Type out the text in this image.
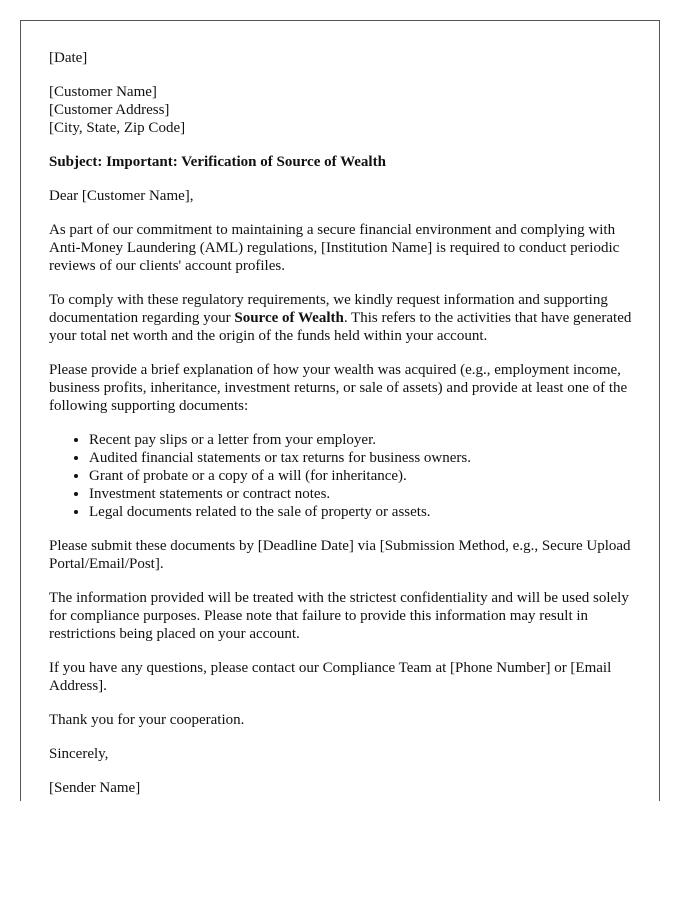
[Date]

[Customer Name]
[Customer Address]
[City, State, Zip Code]

Subject: Important: Verification of Source of Wealth

Dear [Customer Name],

As part of our commitment to maintaining a secure financial environment and complying with Anti-Money Laundering (AML) regulations, [Institution Name] is required to conduct periodic reviews of our clients' account profiles.

To comply with these regulatory requirements, we kindly request information and supporting documentation regarding your Source of Wealth. This refers to the activities that have generated your total net worth and the origin of the funds held within your account.

Please provide a brief explanation of how your wealth was acquired (e.g., employment income, business profits, inheritance, investment returns, or sale of assets) and provide at least one of the following supporting documents:

• Recent pay slips or a letter from your employer.
• Audited financial statements or tax returns for business owners.
• Grant of probate or a copy of a will (for inheritance).
• Investment statements or contract notes.
• Legal documents related to the sale of property or assets.

Please submit these documents by [Deadline Date] via [Submission Method, e.g., Secure Upload Portal/Email/Post].

The information provided will be treated with the strictest confidentiality and will be used solely for compliance purposes. Please note that failure to provide this information may result in restrictions being placed on your account.

If you have any questions, please contact our Compliance Team at [Phone Number] or [Email Address].

Thank you for your cooperation.

Sincerely,

[Sender Name]
